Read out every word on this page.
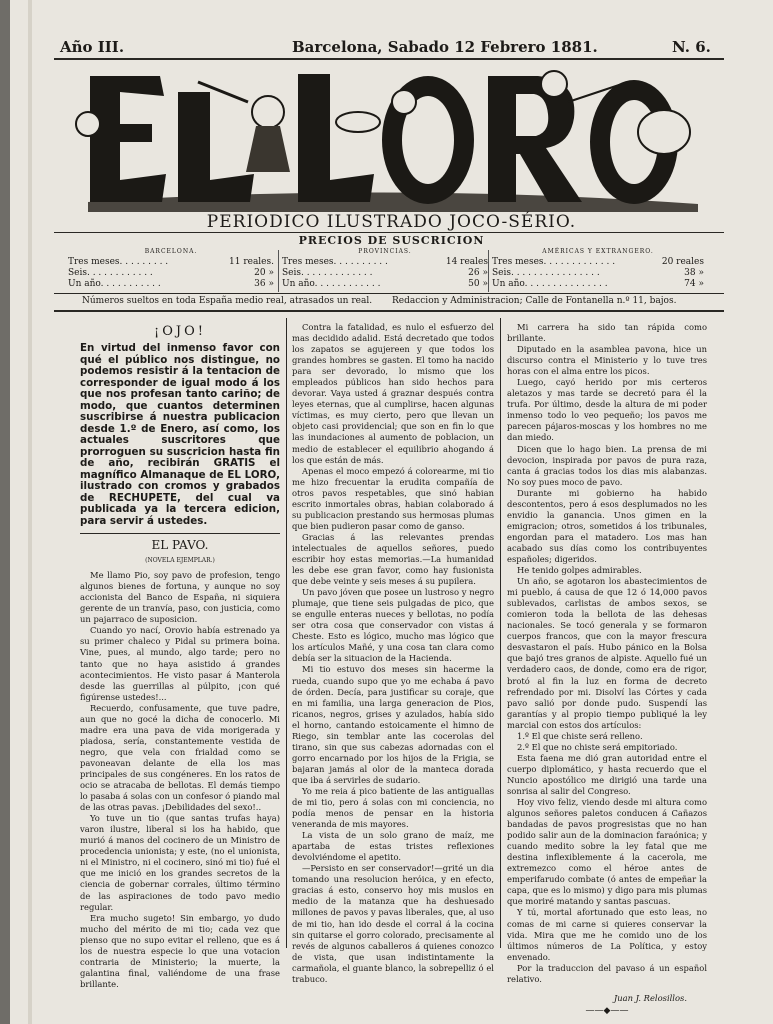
Año III.	Barcelona, Sabado 12 Febrero 1881.	N. 6.
PERIODICO ILUSTRADO JOCO-SÉRIO.
PRECIOS DE SUSCRICION
BARCELONA.
Tres meses. . . . . . . . .	11 reales.
Seis. . . . . . . . . . . .	20 »
Un año. . . . . . . . . . .	36 »
PROVINCIAS.
Tres meses. . . . . . . . . .	14 reales
Seis. . . . . . . . . . . . .	26 »
Un año. . . . . . . . . . . .	50 »
AMÉRICAS Y EXTRANGERO.
Tres meses. . . . . . . . . . . . .	20 reales
Seis. . . . . . . . . . . . . . . .	38 »
Un año. . . . . . . . . . . . . . .	74 »
Números sueltos en toda España medio real, atrasados un real. Redaccion y Administracion; Calle de Fontanella n.º 11, bajos.
¡OJO!
En virtud del inmenso favor con qué el público nos distingue, no podemos resistir á la tentacion de corresponder de igual modo á los que nos profesan tanto cariño; de modo, que cuantos determinen suscribirse á nuestra publicacion desde 1.º de Enero, así como, los actuales suscritores que prorroguen su suscricion hasta fin de año, recibirán GRATIS el magnífico Almanaque de EL LORO, ilustrado con cromos y grabados de RECHUPETE, del cual va publicada ya la tercera edicion, para servir á ustedes.
EL PAVO.
(NOVELA EJEMPLAR.)

Me llamo Pio, soy pavo de profesion, tengo algunos bienes de fortuna, y aunque no soy accionista del Banco de España, ni siquiera gerente de un tranvía, paso, con justicia, como un pajarraco de suposicion.

Cuando yo nací, Orovio había estrenado ya su primer chaleco y Pidal su primera boina. Vine, pues, al mundo, algo tarde; pero no tanto que no haya asistido á grandes acontecimientos. He visto pasar á Manterola desde las guerrillas al púlpito, ¡con qué figúrense ustedes!...

Recuerdo, confusamente, que tuve padre, aun que no gocé la dicha de conocerlo. Mi madre era una pava de vida morigerada y piadosa, sería, constantemente vestida de negro, que vela con frialdad como se pavoneavan delante de ella los mas principales de sus congéneres. En los ratos de ocio se atracaba de bellotas. El demás tiempo lo pasaba á solas con un confesor ó piando mal de las otras pavas. ¡Debilidades del sexo!..

Yo tuve un tio (que santas trufas haya) varon ilustre, liberal si los ha habido, que murió á manos del cocinero de un Ministro de procedencia unionista; y este, (no el unionista, ni el Ministro, ni el cocinero, sinó mi tio) fué el que me inició en los grandes secretos de la ciencia de gobernar corrales, último término de las aspiraciones de todo pavo medio regular.

Era mucho sugeto! Sin embargo, yo dudo mucho del mérito de mi tio; cada vez que pienso que no supo evitar el relleno, que es á los de nuestra especie lo que una votacion contraria de Ministerio; la muerte, la galantina final, valiéndome de una frase brillante.

Contra la fatalidad, es nulo el esfuerzo del mas decidido adalid. Está decretado que todos los zapatos se agujereen y que todos los grandes hombres se gasten. El tomo ha nacido para ser devorado, lo mismo que los empleados públicos han sido hechos para devorar. Vaya usted á graznar después contra leyes eternas, que al cumplirse, hacen algunas víctimas, es muy cierto, pero que llevan un objeto casi providencial; que son en fin lo que las inundaciones al aumento de poblacion, un medio de establecer el equilibrio ahogando á los que están de más.

Apenas el moco empezó á colorearme, mi tio me hizo frecuentar la erudita compañía de otros pavos respetables, que sinó habian escrito inmortales obras, habian colaborado á su publicacion prestando sus hermosas plumas que bien pudieron pasar como de ganso.

Gracias á las relevantes prendas intelectuales de aquellos señores, puedo escribir hoy estas memorias.—La humanidad les debe ese gran favor, como hay fusionista que debe veinte y seis meses á su pupilera.

Un pavo jóven que posee un lustroso y negro plumaje, que tiene seis pulgadas de pico, que se engulle enteras nueces y bellotas, no podía ser otra cosa que conservador con vistas á Cheste. Esto es lógico, mucho mas lógico que los artículos Mañé, y una cosa tan clara como debía ser la situacion de la Hacienda.

Mi tio estuvo dos meses sin hacerme la rueda, cuando supo que yo me echaba á pavo de órden. Decía, para justificar su coraje, que en mi familia, una larga generacion de Pios, ricanos, negros, grises y azulados, había sido el horno, cantando estoicamente el himno de Riego, sin temblar ante las cocerolas del tirano, sin que sus cabezas adornadas con el gorro encarnado por los hijos de la Frigia, se bajaran jamás al olor de la manteca dorada que iba á servirles de sudario.

Yo me reia á pico batiente de las antiguallas de mi tio, pero á solas con mi conciencia, no podía menos de pensar en la historia veneranda de mis mayores.

La vista de un solo grano de maíz, me apartaba de estas tristes reflexiones devolviéndome el apetito.

—Persisto en ser conservador!—grité un dia tomando una resolucion heróica, y en efecto, gracias á esto, conservo hoy mis muslos en medio de la matanza que ha deshuesado millones de pavos y pavas liberales, que, al uso de mi tio, han ido desde el corral á la cocina sin quitarse el gorro colorado, precisamente al revés de algunos caballeros á quienes conozco de vista, que usan indistintamente la carmañola, el guante blanco, la sobrepelliz ó el trabuco.

Mi carrera ha sido tan rápida como brillante.

Diputado en la asamblea pavona, hice un discurso contra el Ministerio y lo tuve tres horas con el alma entre los picos.

Luego, cayó herido por mis certeros aletazos y mas tarde se decretó para él la trufa. Por último, desde la altura de mi poder inmenso todo lo veo pequeño; los pavos me parecen pájaros-moscas y los hombres no me dan miedo.

Dicen que lo hago bien. La prensa de mi devocion, inspirada por pavos de pura raza, canta á gracias todos los dias mis alabanzas. No soy pues moco de pavo.

Durante mi gobierno ha habido descontentos, pero á esos desplumados no les envidio la ganancia. Unos gimen en la emigracion; otros, sometidos á los tribunales, engordan para el matadero. Los mas han acabado sus días como los contribuyentes españoles; digeridos.

He tenido golpes admirables.

Un año, se agotaron los abastecimientos de mi pueblo, á causa de que 12 ó 14,000 pavos sublevados, carlistas de ambos sexos, se comieron toda la bellota de las dehesas nacionales. Se tocó generala y se formaron cuerpos francos, que con la mayor frescura desvastaron el país. Hubo pánico en la Bolsa que bajó tres granos de alpiste. Aquello fué un verdadero caos, de donde, como era de rigor, brotó al fin la luz en forma de decreto refrendado por mi. Disolví las Córtes y cada pavo salió por donde pudo. Suspendí las garantías y al propio tiempo publiqué la ley marcial con estos dos artículos:

1.º El que chiste será relleno.

2.º El que no chiste será empitoriado.

Esta faena me dió gran autoridad entre el cuerpo diplomático, y hasta recuerdo que el Nuncio apostólico me dirigió una tarde una sonrisa al salir del Congreso.

Hoy vivo feliz, viendo desde mi altura como algunos señores paletos conducen á Cañazos bandadas de pavos progresistas que no han podido salir aun de la dominacion faraónica; y cuando medito sobre la ley fatal que me destina inflexiblemente á la cacerola, me extremezco como el héroe antes de emperifarudo combate (ó antes de empeñar la capa, que es lo mismo) y digo para mis plumas que moriré matando y santas pascuas.

Y tú, mortal afortunado que esto leas, no comas de mi carne si quieres conservar la vida. Mira que me he comido uno de los últimos números de La Política, y estoy envenado.

Por la traduccion del pavaso á un español relativo.

Juan J. Relosillos.
——◆——
